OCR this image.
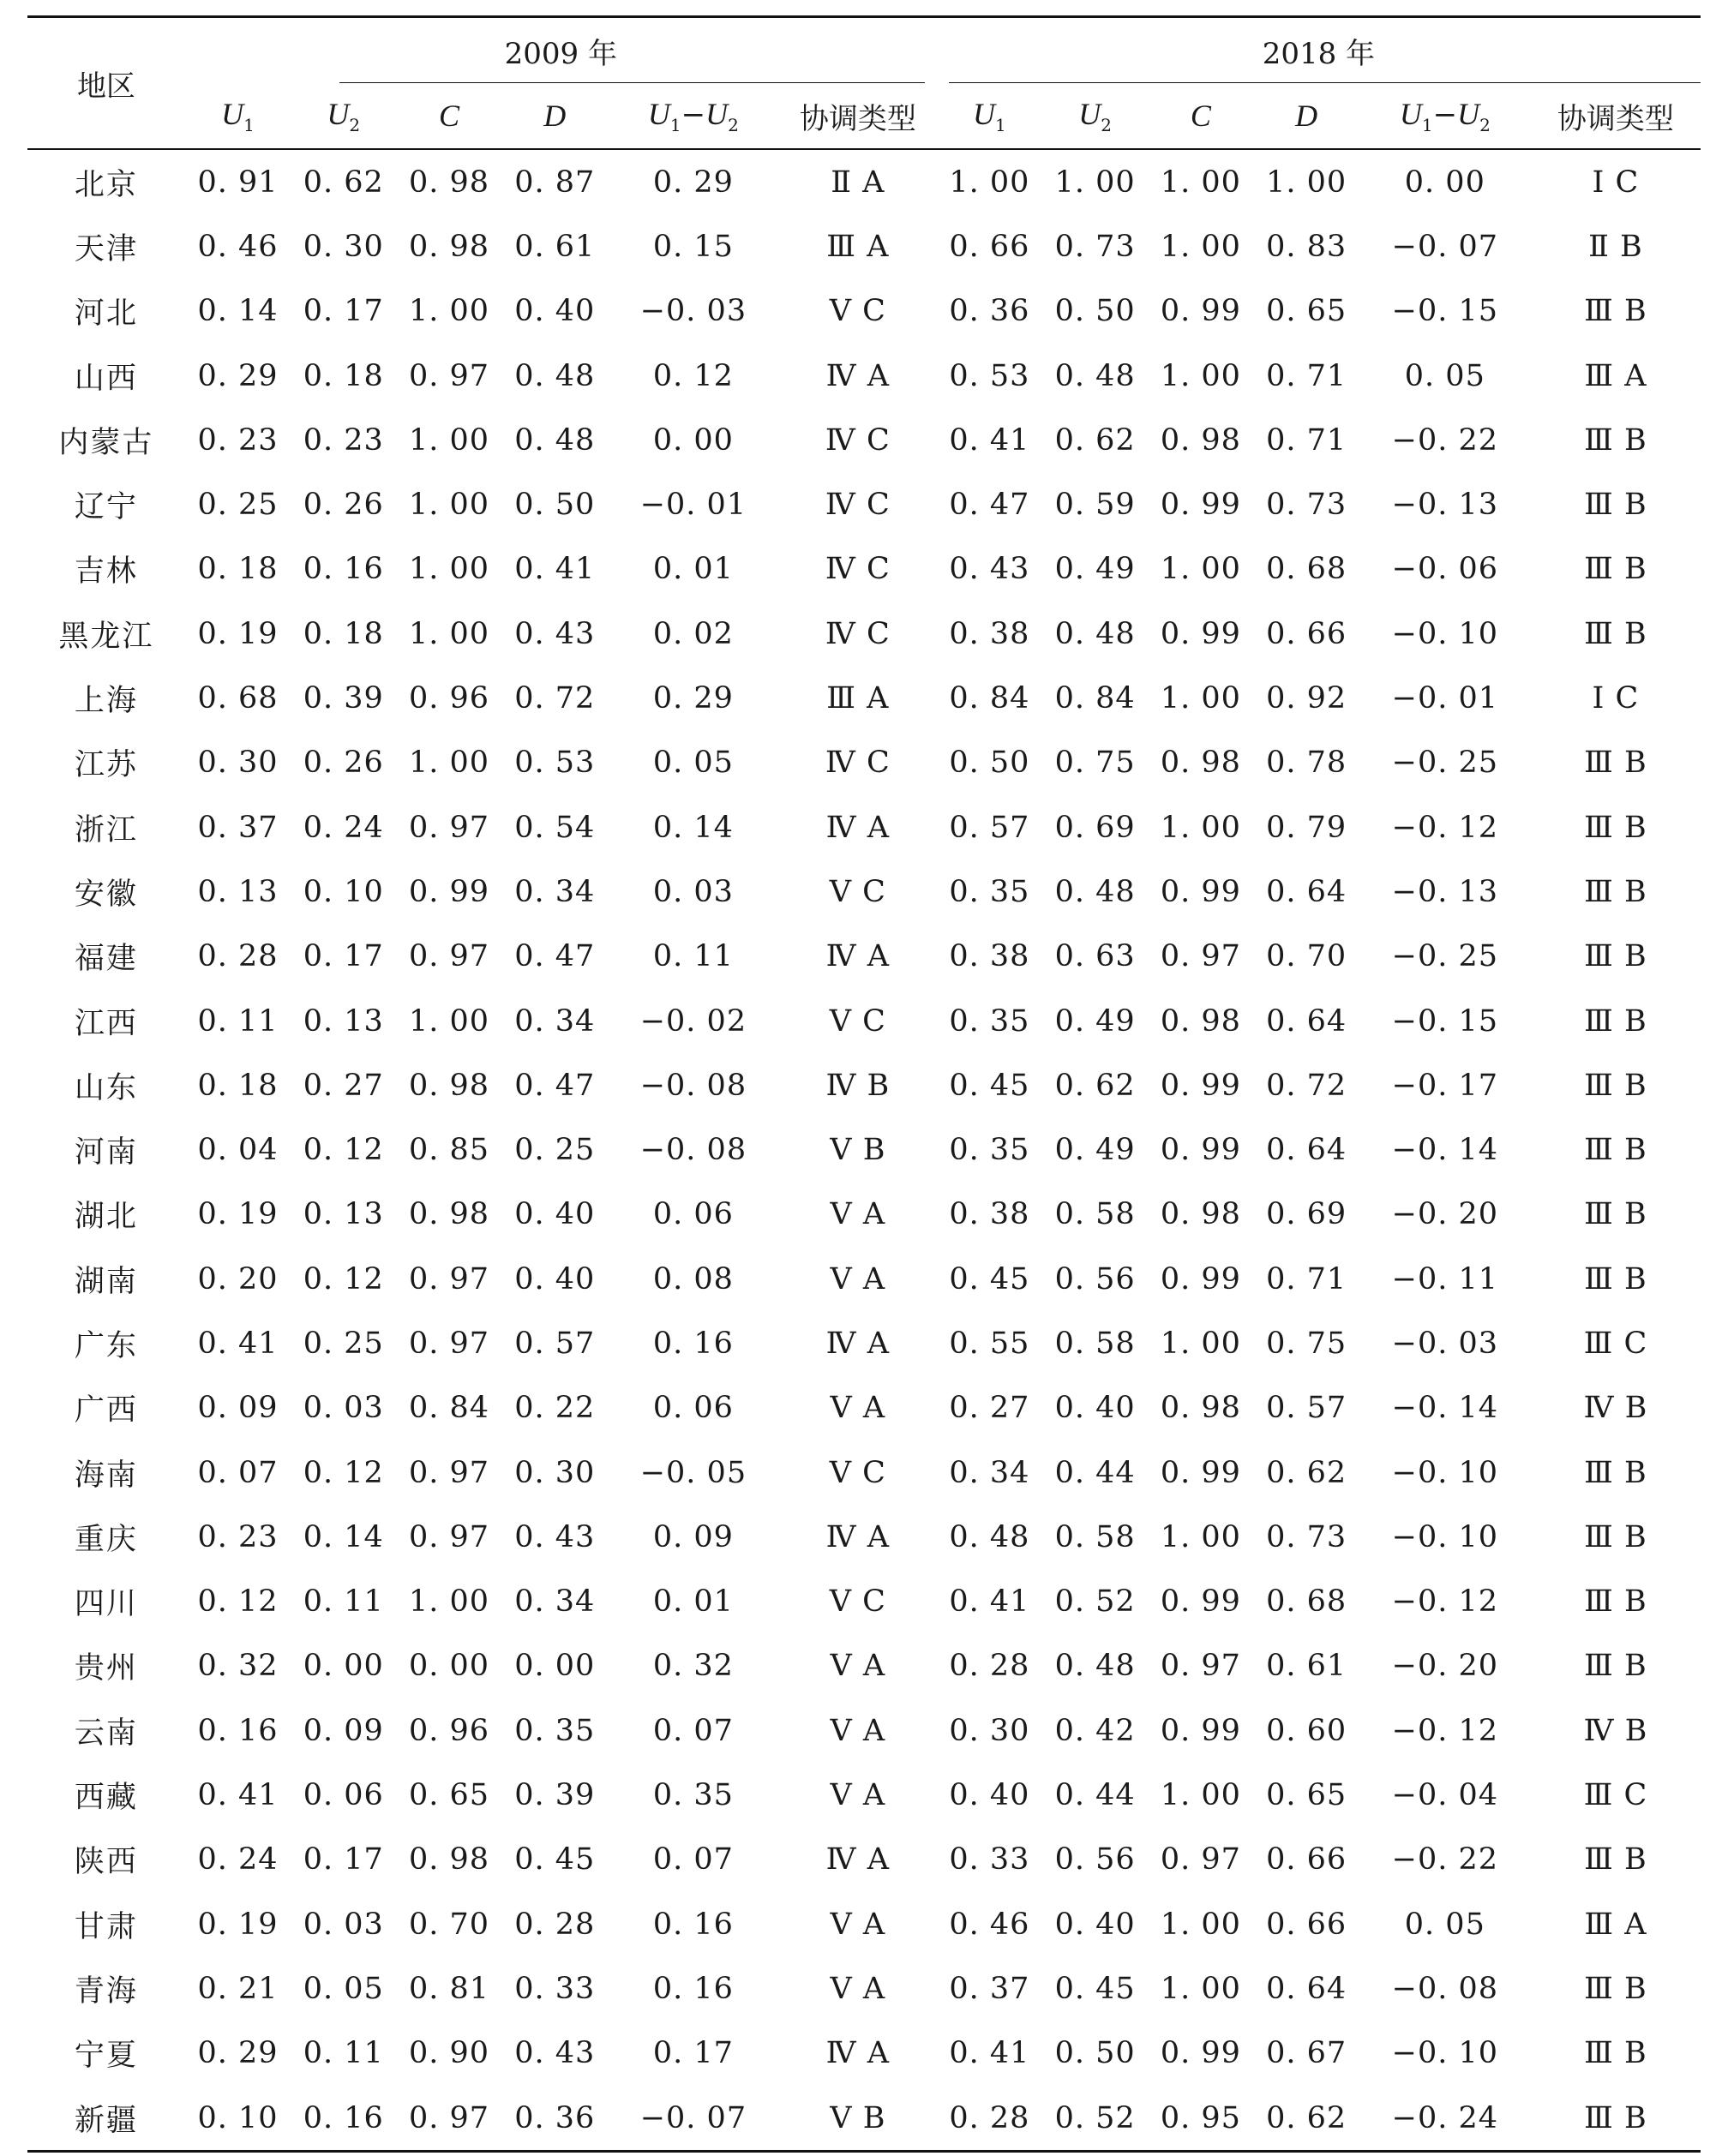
地区	2009 年						2018 年					

	$U_1$	$U_2$	C	D	$U_1-U_2$	协调类型	$U_1$	$U_2$	C	D	$U_1-U_2$	协调类型
北京	0. 91	0. 62	0. 98	0. 87	0. 29	Ⅱ A	1. 00	1. 00	1. 00	1. 00	0. 00	Ⅰ C
天津	0. 46	0. 30	0. 98	0. 61	0. 15	Ⅲ A	0. 66	0. 73	1. 00	0. 83	−0. 07	Ⅱ B
河北	0. 14	0. 17	1. 00	0. 40	−0. 03	Ⅴ C	0. 36	0. 50	0. 99	0. 65	−0. 15	Ⅲ B
山西	0. 29	0. 18	0. 97	0. 48	0. 12	Ⅳ A	0. 53	0. 48	1. 00	0. 71	0. 05	Ⅲ A
内蒙古	0. 23	0. 23	1. 00	0. 48	0. 00	Ⅳ C	0. 41	0. 62	0. 98	0. 71	−0. 22	Ⅲ B
辽宁	0. 25	0. 26	1. 00	0. 50	−0. 01	Ⅳ C	0. 47	0. 59	0. 99	0. 73	−0. 13	Ⅲ B
吉林	0. 18	0. 16	1. 00	0. 41	0. 01	Ⅳ C	0. 43	0. 49	1. 00	0. 68	−0. 06	Ⅲ B
黑龙江	0. 19	0. 18	1. 00	0. 43	0. 02	Ⅳ C	0. 38	0. 48	0. 99	0. 66	−0. 10	Ⅲ B
上海	0. 68	0. 39	0. 96	0. 72	0. 29	Ⅲ A	0. 84	0. 84	1. 00	0. 92	−0. 01	Ⅰ C
江苏	0. 30	0. 26	1. 00	0. 53	0. 05	Ⅳ C	0. 50	0. 75	0. 98	0. 78	−0. 25	Ⅲ B
浙江	0. 37	0. 24	0. 97	0. 54	0. 14	Ⅳ A	0. 57	0. 69	1. 00	0. 79	−0. 12	Ⅲ B
安徽	0. 13	0. 10	0. 99	0. 34	0. 03	Ⅴ C	0. 35	0. 48	0. 99	0. 64	−0. 13	Ⅲ B
福建	0. 28	0. 17	0. 97	0. 47	0. 11	Ⅳ A	0. 38	0. 63	0. 97	0. 70	−0. 25	Ⅲ B
江西	0. 11	0. 13	1. 00	0. 34	−0. 02	Ⅴ C	0. 35	0. 49	0. 98	0. 64	−0. 15	Ⅲ B
山东	0. 18	0. 27	0. 98	0. 47	−0. 08	Ⅳ B	0. 45	0. 62	0. 99	0. 72	−0. 17	Ⅲ B
河南	0. 04	0. 12	0. 85	0. 25	−0. 08	Ⅴ B	0. 35	0. 49	0. 99	0. 64	−0. 14	Ⅲ B
湖北	0. 19	0. 13	0. 98	0. 40	0. 06	Ⅴ A	0. 38	0. 58	0. 98	0. 69	−0. 20	Ⅲ B
湖南	0. 20	0. 12	0. 97	0. 40	0. 08	Ⅴ A	0. 45	0. 56	0. 99	0. 71	−0. 11	Ⅲ B
广东	0. 41	0. 25	0. 97	0. 57	0. 16	Ⅳ A	0. 55	0. 58	1. 00	0. 75	−0. 03	Ⅲ C
广西	0. 09	0. 03	0. 84	0. 22	0. 06	Ⅴ A	0. 27	0. 40	0. 98	0. 57	−0. 14	Ⅳ B
海南	0. 07	0. 12	0. 97	0. 30	−0. 05	Ⅴ C	0. 34	0. 44	0. 99	0. 62	−0. 10	Ⅲ B
重庆	0. 23	0. 14	0. 97	0. 43	0. 09	Ⅳ A	0. 48	0. 58	1. 00	0. 73	−0. 10	Ⅲ B
四川	0. 12	0. 11	1. 00	0. 34	0. 01	Ⅴ C	0. 41	0. 52	0. 99	0. 68	−0. 12	Ⅲ B
贵州	0. 32	0. 00	0. 00	0. 00	0. 32	Ⅴ A	0. 28	0. 48	0. 97	0. 61	−0. 20	Ⅲ B
云南	0. 16	0. 09	0. 96	0. 35	0. 07	Ⅴ A	0. 30	0. 42	0. 99	0. 60	−0. 12	Ⅳ B
西藏	0. 41	0. 06	0. 65	0. 39	0. 35	Ⅴ A	0. 40	0. 44	1. 00	0. 65	−0. 04	Ⅲ C
陕西	0. 24	0. 17	0. 98	0. 45	0. 07	Ⅳ A	0. 33	0. 56	0. 97	0. 66	−0. 22	Ⅲ B
甘肃	0. 19	0. 03	0. 70	0. 28	0. 16	Ⅴ A	0. 46	0. 40	1. 00	0. 66	0. 05	Ⅲ A
青海	0. 21	0. 05	0. 81	0. 33	0. 16	Ⅴ A	0. 37	0. 45	1. 00	0. 64	−0. 08	Ⅲ B
宁夏	0. 29	0. 11	0. 90	0. 43	0. 17	Ⅳ A	0. 41	0. 50	0. 99	0. 67	−0. 10	Ⅲ B
新疆	0. 10	0. 16	0. 97	0. 36	−0. 07	Ⅴ B	0. 28	0. 52	0. 95	0. 62	−0. 24	Ⅲ B
